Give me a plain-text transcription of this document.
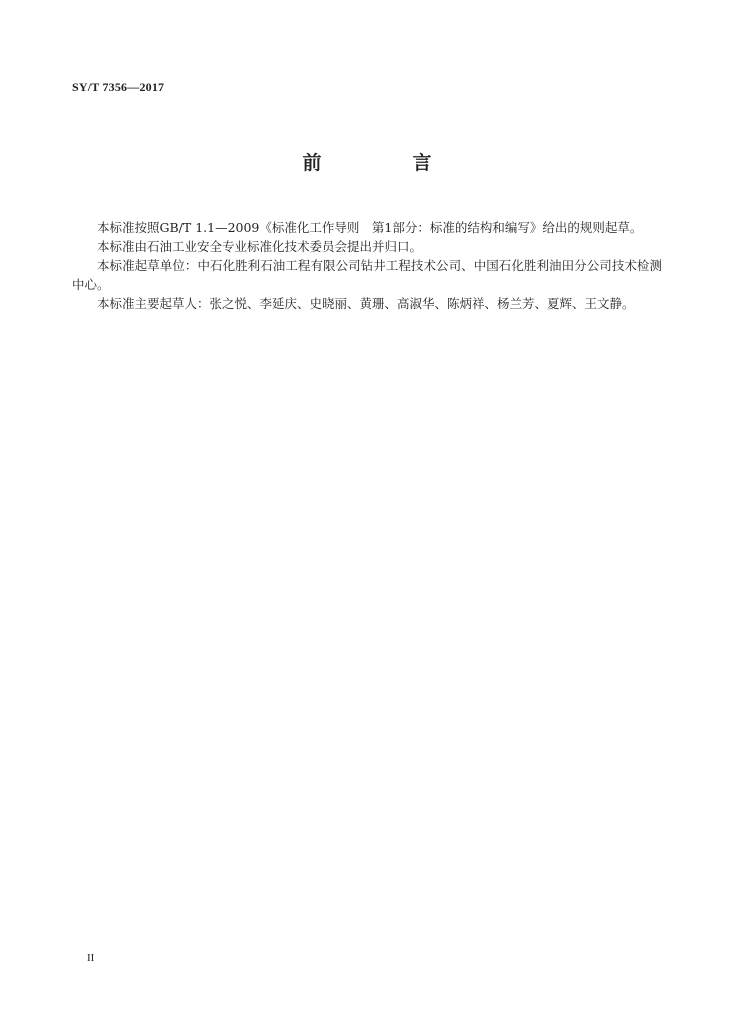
SY/T 7356—2017
前　言

本标准按照GB/T 1.1—2009《标准化工作导则　第1部分：标准的结构和编写》给出的规则起草。

本标准由石油工业安全专业标准化技术委员会提出并归口。

本标准起草单位：中石化胜利石油工程有限公司钻井工程技术公司、中国石化胜利油田分公司技术检测中心。

本标准主要起草人：张之悦、李延庆、史晓丽、黄珊、高淑华、陈炳祥、杨兰芳、夏辉、王文静。

II
